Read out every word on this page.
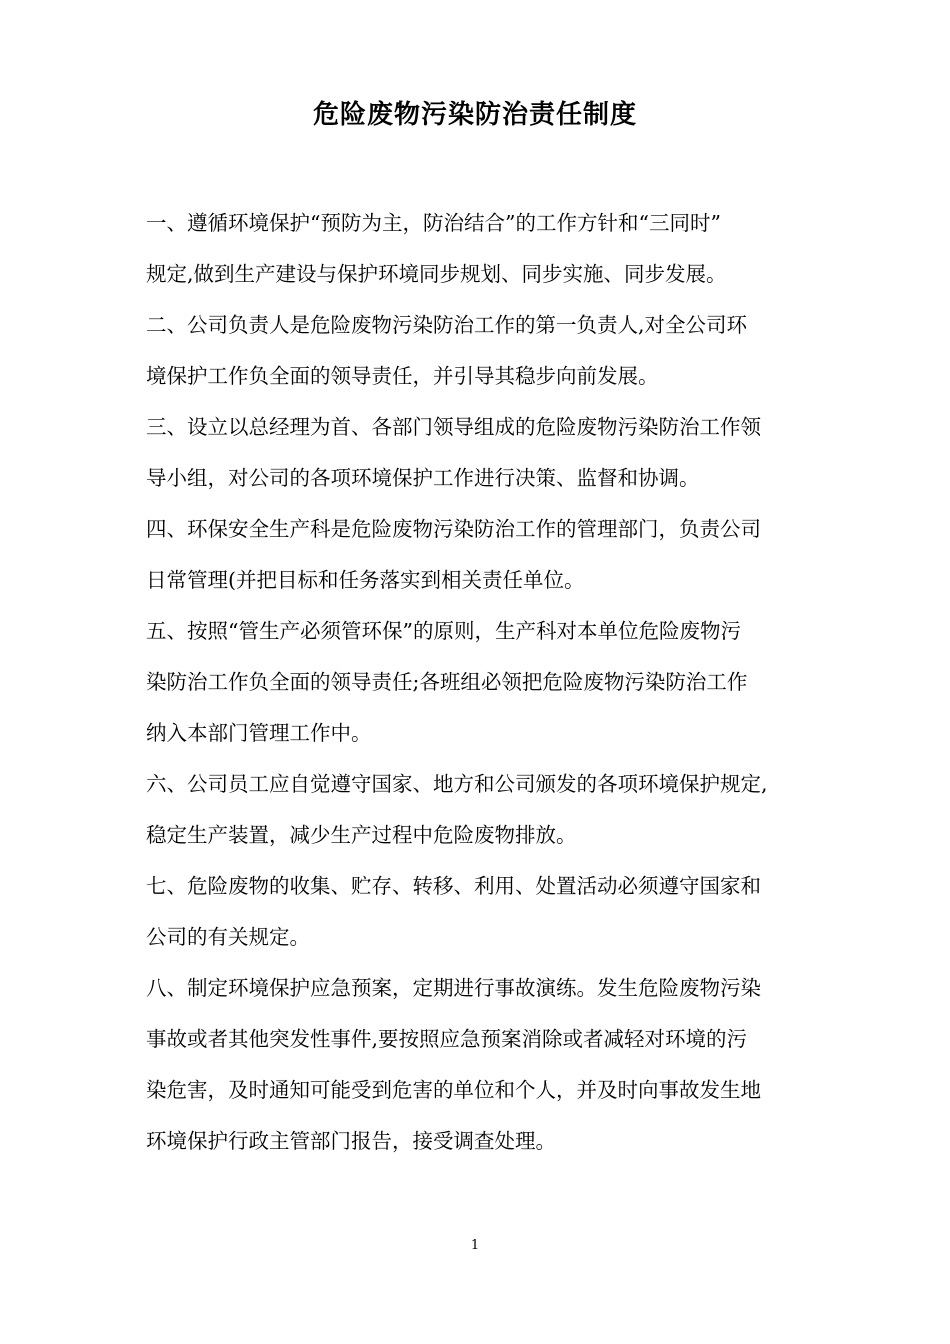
危险废物污染防治责任制度
一、遵循环境保护“预防为主，防治结合”的工作方针和“三同时”
规定,做到生产建设与保护环境同步规划、同步实施、同步发展。
二、公司负责人是危险废物污染防治工作的第一负责人,对全公司环
境保护工作负全面的领导责任，并引导其稳步向前发展。
三、设立以总经理为首、各部门领导组成的危险废物污染防治工作领
导小组，对公司的各项环境保护工作进行决策、监督和协调。
四、环保安全生产科是危险废物污染防治工作的管理部门，负责公司
日常管理(并把目标和任务落实到相关责任单位。
五、按照“管生产必须管环保”的原则，生产科对本单位危险废物污
染防治工作负全面的领导责任;各班组必领把危险废物污染防治工作
纳入本部门管理工作中。
六、公司员工应自觉遵守国家、地方和公司颁发的各项环境保护规定,
稳定生产装置，减少生产过程中危险废物排放。
七、危险废物的收集、贮存、转移、利用、处置活动必须遵守国家和
公司的有关规定。
八、制定环境保护应急预案，定期进行事故演练。发生危险废物污染
事故或者其他突发性事件,要按照应急预案消除或者减轻对环境的污
染危害，及时通知可能受到危害的单位和个人，并及时向事故发生地
环境保护行政主管部门报告，接受调查处理。
1
